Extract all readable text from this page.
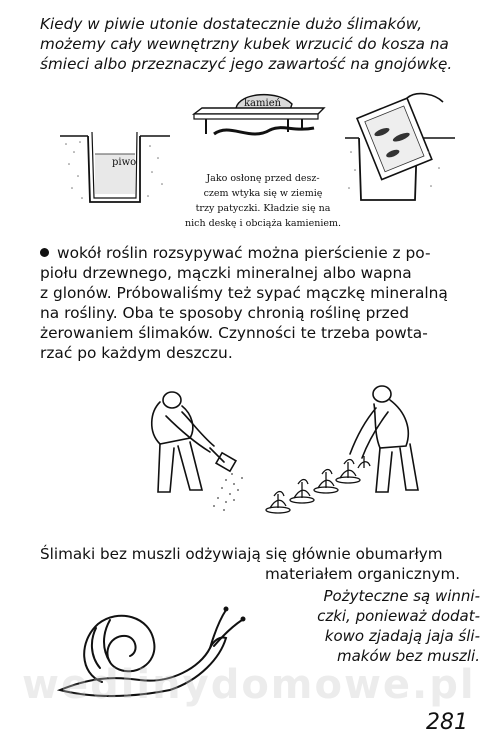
Kiedy w piwie utonie dostatecznie dużo ślimaków,
możemy cały wewnętrzny kubek wrzucić do kosza na
śmieci albo przeznaczyć jego zawartość na gnojówkę.
piwo
kamień
Jako osłonę przed desz-
czem wtyka się w ziemię
trzy patyczki. Kładzie się na
nich deskę i obciąża kamieniem.
wokół roślin rozsypywać można pierścienie z po-
piołu drzewnego, mączki mineralnej albo wapna
z glonów. Próbowaliśmy też sypać mączkę mineralną
na rośliny. Oba te sposoby chronią roślinę przed
żerowaniem ślimaków. Czynności te trzeba powta-
rzać po każdym deszczu.
Ślimaki bez muszli odżywiają się głównie obumarłym
materiałem organicznym.
Pożyteczne są winni-
czki, ponieważ dodat-
kowo zjadają jaja śli-
maków bez muszli.
wedlinydomowe.pl
281
